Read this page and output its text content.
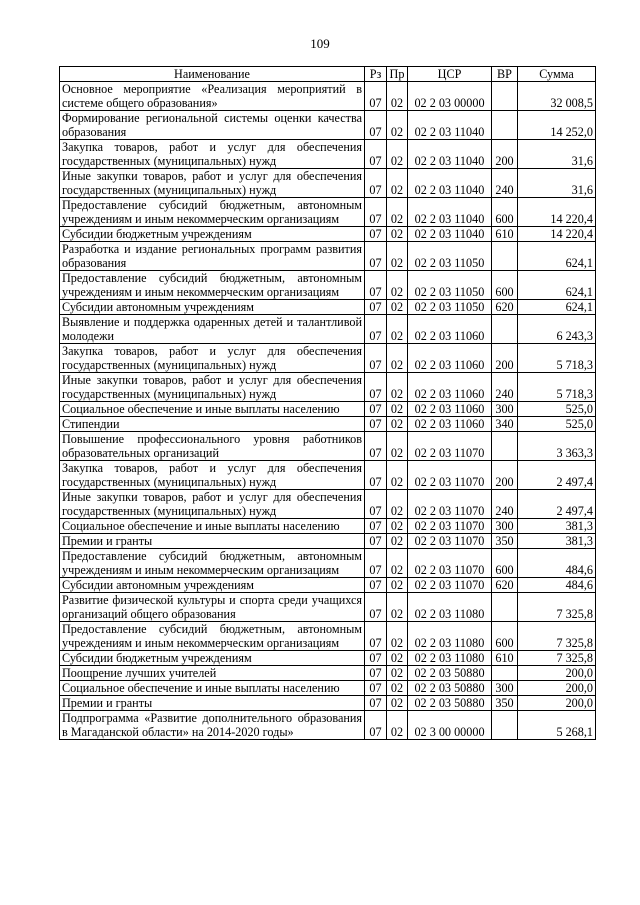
109
Наименование	Рз	Пр	ЦСР	ВР	Сумма
Основное мероприятие «Реализация мероприятий в системе общего образования»	07	02	02 2 03 00000		32 008,5
Формирование региональной системы оценки качества образования	07	02	02 2 03 11040		14 252,0
Закупка товаров, работ и услуг для обеспечения государственных (муниципальных) нужд	07	02	02 2 03 11040	200	31,6
Иные закупки товаров, работ и услуг для обеспечения государственных (муниципальных) нужд	07	02	02 2 03 11040	240	31,6
Предоставление субсидий бюджетным, автономным учреждениям и иным некоммерческим организациям	07	02	02 2 03 11040	600	14 220,4
Субсидии бюджетным учреждениям	07	02	02 2 03 11040	610	14 220,4
Разработка и издание региональных программ развития образования	07	02	02 2 03 11050		624,1
Предоставление субсидий бюджетным, автономным учреждениям и иным некоммерческим организациям	07	02	02 2 03 11050	600	624,1
Субсидии автономным учреждениям	07	02	02 2 03 11050	620	624,1
Выявление и поддержка одаренных детей и талантливой молодежи	07	02	02 2 03 11060		6 243,3
Закупка товаров, работ и услуг для обеспечения государственных (муниципальных) нужд	07	02	02 2 03 11060	200	5 718,3
Иные закупки товаров, работ и услуг для обеспечения государственных (муниципальных) нужд	07	02	02 2 03 11060	240	5 718,3
Социальное обеспечение и иные выплаты населению	07	02	02 2 03 11060	300	525,0
Стипендии	07	02	02 2 03 11060	340	525,0
Повышение профессионального уровня работников образовательных организаций	07	02	02 2 03 11070		3 363,3
Закупка товаров, работ и услуг для обеспечения государственных (муниципальных) нужд	07	02	02 2 03 11070	200	2 497,4
Иные закупки товаров, работ и услуг для обеспечения государственных (муниципальных) нужд	07	02	02 2 03 11070	240	2 497,4
Социальное обеспечение и иные выплаты населению	07	02	02 2 03 11070	300	381,3
Премии и гранты	07	02	02 2 03 11070	350	381,3
Предоставление субсидий бюджетным, автономным учреждениям и иным некоммерческим организациям	07	02	02 2 03 11070	600	484,6
Субсидии автономным учреждениям	07	02	02 2 03 11070	620	484,6
Развитие физической культуры и спорта среди учащихся организаций общего образования	07	02	02 2 03 11080		7 325,8
Предоставление субсидий бюджетным, автономным учреждениям и иным некоммерческим организациям	07	02	02 2 03 11080	600	7 325,8
Субсидии бюджетным учреждениям	07	02	02 2 03 11080	610	7 325,8
Поощрение лучших учителей	07	02	02 2 03 50880		200,0
Социальное обеспечение и иные выплаты населению	07	02	02 2 03 50880	300	200,0
Премии и гранты	07	02	02 2 03 50880	350	200,0
Подпрограмма «Развитие дополнительного образования в Магаданской области» на 2014-2020 годы»	07	02	02 3 00 00000		5 268,1
